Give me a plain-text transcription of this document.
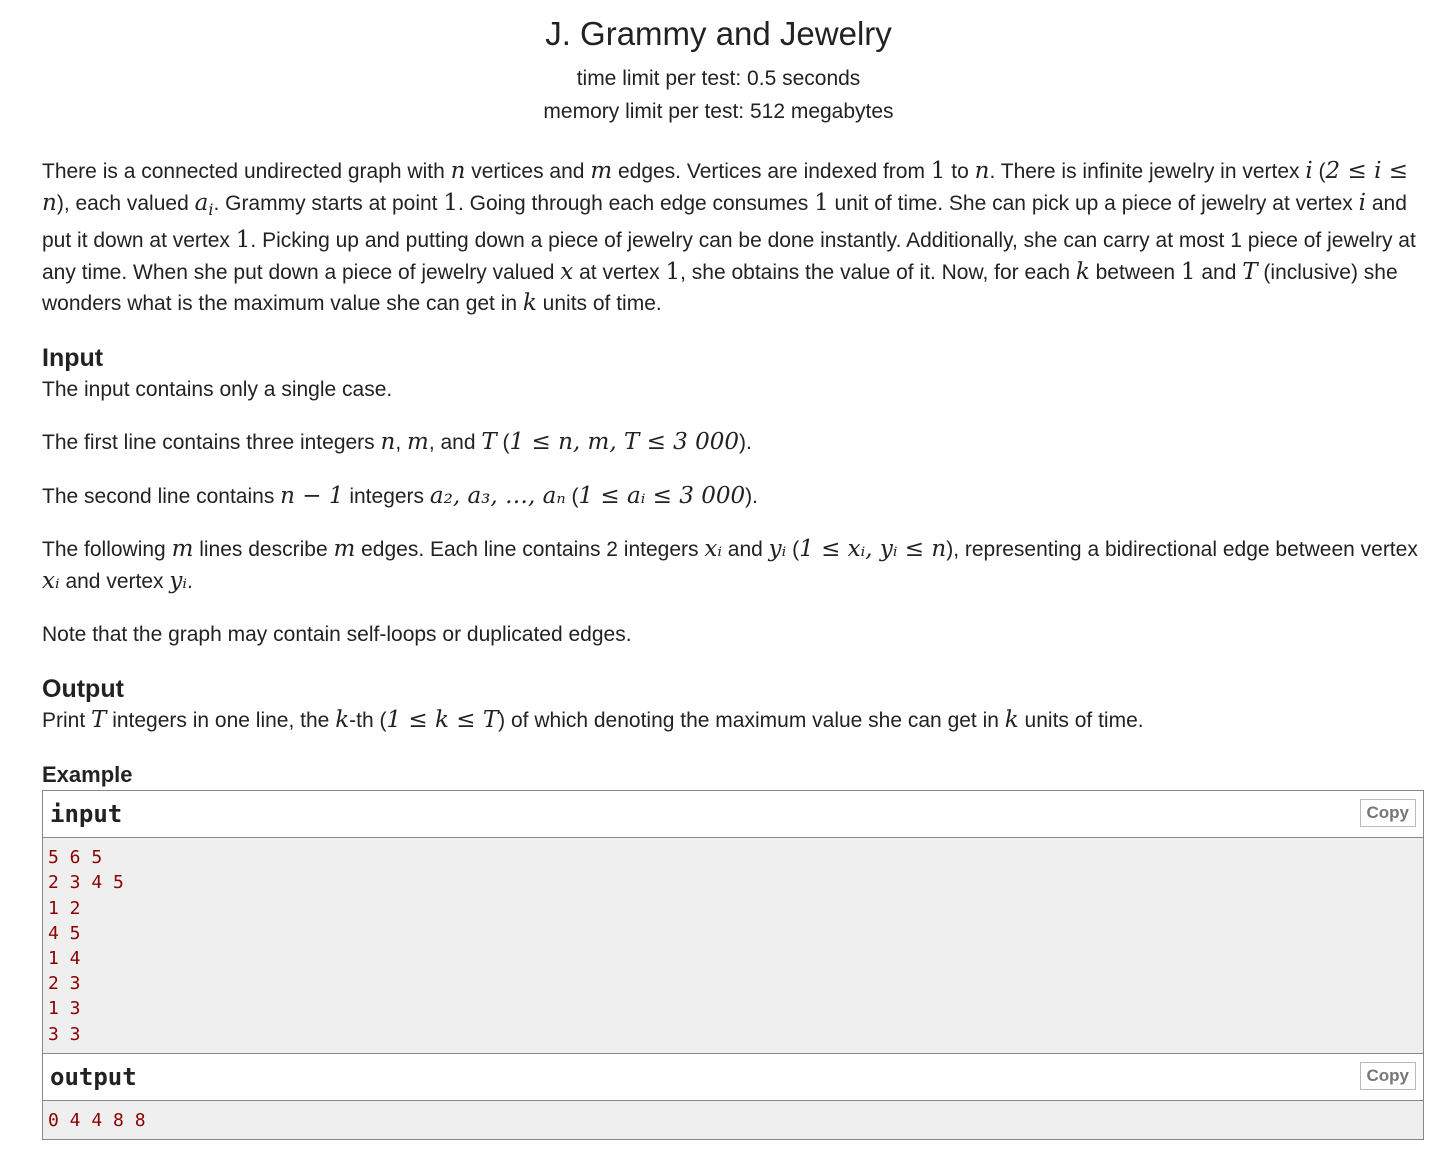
J. Grammy and Jewelry
time limit per test: 0.5 seconds
memory limit per test: 512 megabytes

There is a connected undirected graph with n vertices and m edges. Vertices are indexed from 1 to n. There is infinite jewelry in vertex i (2 ≤ i ≤ n), each valued $a_i$. Grammy starts at point 1. Going through each edge consumes 1 unit of time. She can pick up a piece of jewelry at vertex i and put it down at vertex 1. Picking up and putting down a piece of jewelry can be done instantly. Additionally, she can carry at most 1 piece of jewelry at any time. When she put down a piece of jewelry valued x at vertex 1, she obtains the value of it. Now, for each k between 1 and T (inclusive) she wonders what is the maximum value she can get in k units of time.

Input

The input contains only a single case.

The first line contains three integers n, m, and T (1 ≤ n, m, T ≤ 3 000).

The second line contains n − 1 integers a₂, a₃, …, aₙ (1 ≤ aᵢ ≤ 3 000).

The following m lines describe m edges. Each line contains 2 integers xᵢ and yᵢ (1 ≤ xᵢ, yᵢ ≤ n), representing a bidirectional edge between vertex xᵢ and vertex yᵢ.

Note that the graph may contain self-loops or duplicated edges.

Output

Print T integers in one line, the k-th (1 ≤ k ≤ T) of which denoting the maximum value she can get in k units of time.

Example
input	Copy
5 6 5
2 3 4 5
1 2
4 5
1 4
2 3
1 3
3 3
output	Copy
0 4 4 8 8
